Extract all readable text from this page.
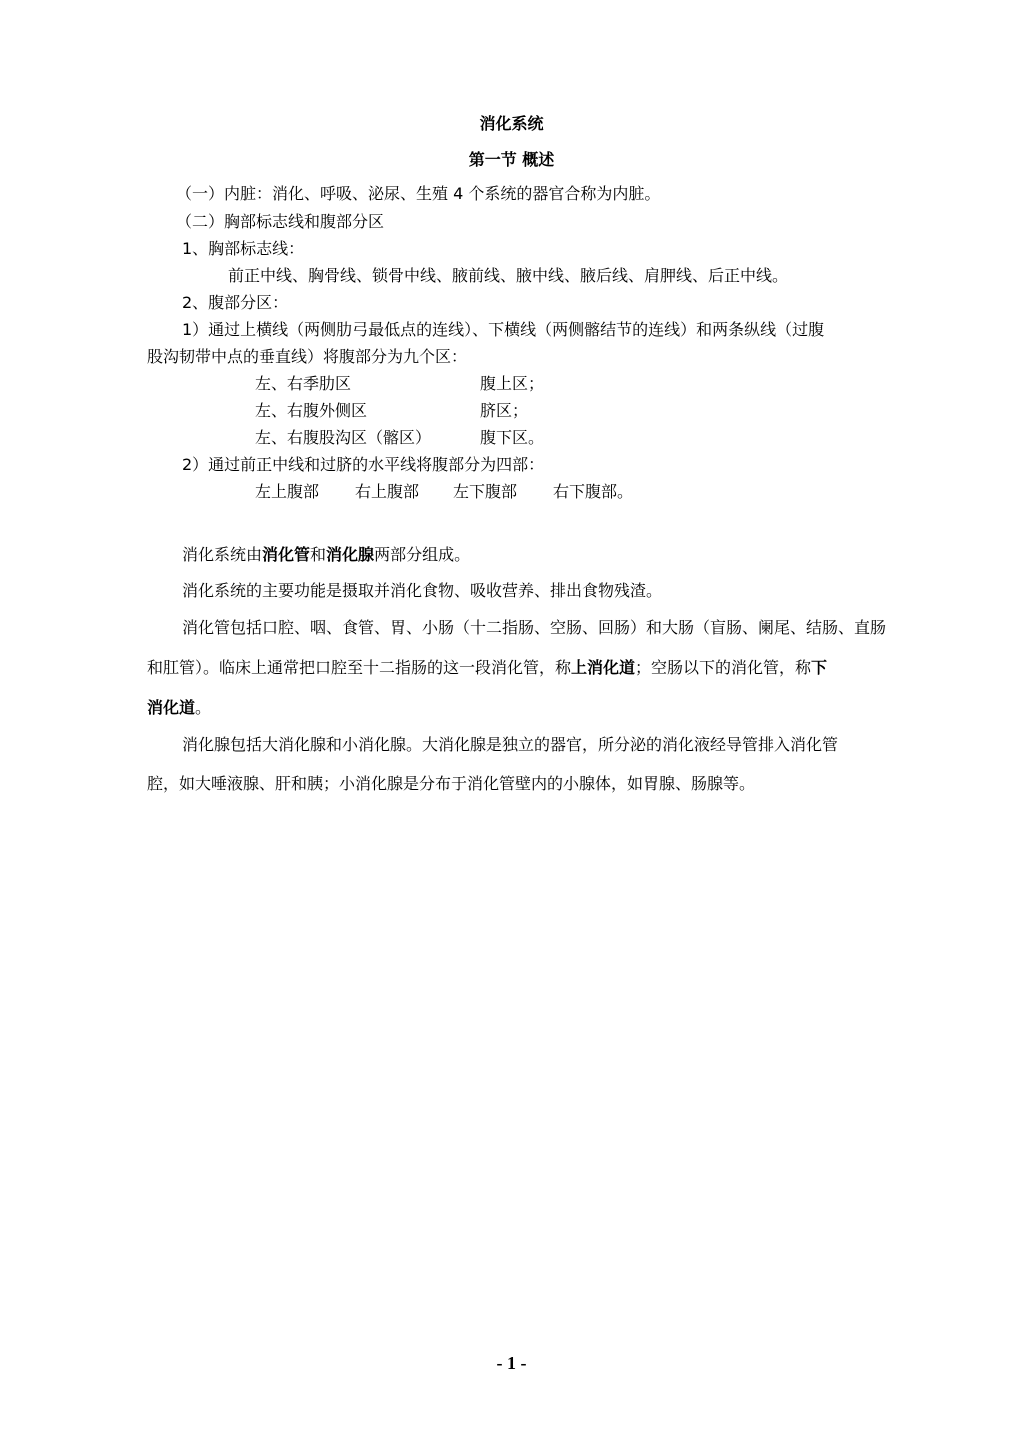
消化系统
第一节 概述
（一）内脏：消化、呼吸、泌尿、生殖 4 个系统的器官合称为内脏。
（二）胸部标志线和腹部分区
1、胸部标志线：
前正中线、胸骨线、锁骨中线、腋前线、腋中线、腋后线、肩胛线、后正中线。
2、腹部分区：
1）通过上横线（两侧肋弓最低点的连线）、下横线（两侧髂结节的连线）和两条纵线（过腹
股沟韧带中点的垂直线）将腹部分为九个区：
左、右季肋区	腹上区；
左、右腹外侧区	脐区；
左、右腹股沟区（髂区）	腹下区。
2）通过前正中线和过脐的水平线将腹部分为四部：
左上腹部 右上腹部 左下腹部 右下腹部。
消化系统由消化管和消化腺两部分组成。
消化系统的主要功能是摄取并消化食物、吸收营养、排出食物残渣。
消化管包括口腔、咽、食管、胃、小肠（十二指肠、空肠、回肠）和大肠（盲肠、阑尾、结肠、直肠
和肛管）。临床上通常把口腔至十二指肠的这一段消化管，称上消化道；空肠以下的消化管，称下
消化道。
消化腺包括大消化腺和小消化腺。大消化腺是独立的器官，所分泌的消化液经导管排入消化管
腔，如大唾液腺、肝和胰；小消化腺是分布于消化管壁内的小腺体，如胃腺、肠腺等。
- 1 -
